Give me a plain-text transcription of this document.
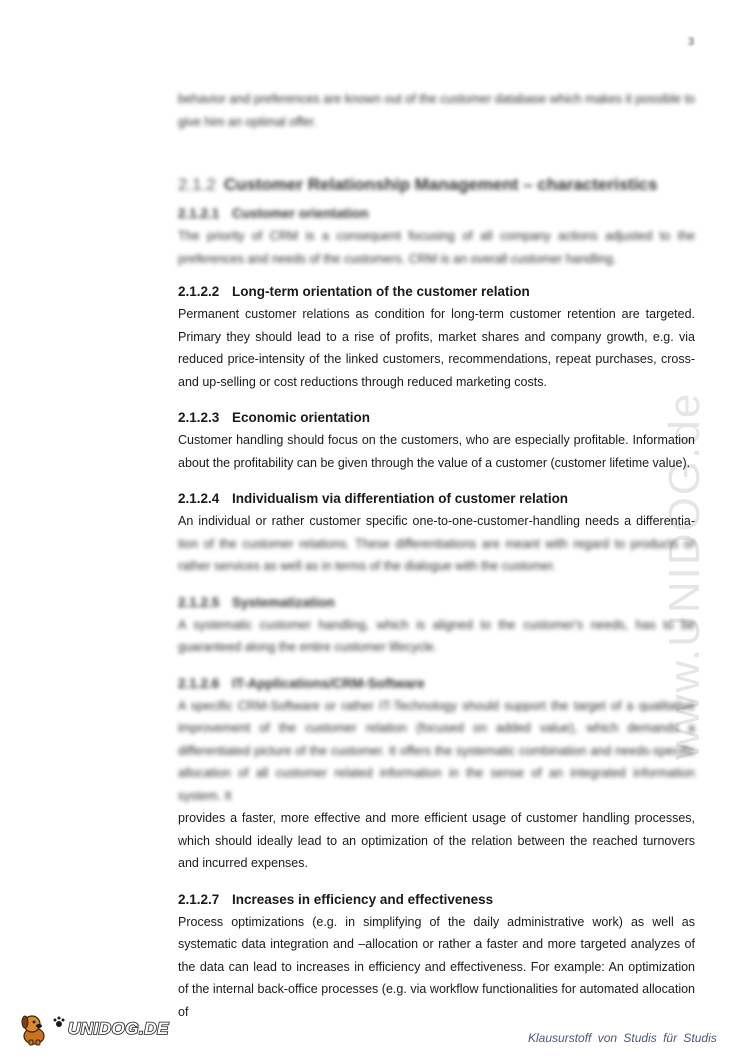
3
www.UNIDOG.de

behavior and preferences are known out of the customer database which makes it possible to give him an optimal offer.

2.1.2 Customer Relationship Management – characteristics
2.1.2.1 Customer orientation

The priority of CRM is a consequent focusing of all company actions adjusted to the preferences and needs of the customers. CRM is an overall customer handling.

2.1.2.2 Long-term orientation of the customer relation

Permanent customer relations as condition for long-term customer retention are targeted. Primary they should lead to a rise of profits, market shares and company growth, e.g. via reduced price-intensity of the linked customers, recommendations, repeat purchases, cross- and up-selling or cost reductions through reduced marketing costs.

2.1.2.3 Economic orientation

Customer handling should focus on the customers, who are especially profitable. Information about the profitability can be given through the value of a customer (customer lifetime value).

2.1.2.4 Individualism via differentiation of customer relation

An individual or rather customer specific one-to-one-customer-handling needs a differentia-

tion of the customer relations. These differentiations are meant with regard to products or rather services as well as in terms of the dialogue with the customer.

2.1.2.5 Systematization

A systematic customer handling, which is aligned to the customer's needs, has to be guaranteed along the entire customer lifecycle.

2.1.2.6 IT-Applications/CRM-Software

A specific CRM-Software or rather IT-Technology should support the target of a qualitative improvement of the customer relation (focused on added value), which demands a differentiated picture of the customer. It offers the systematic combination and needs-specific allocation of all customer related information in the sense of an integrated information system. It

provides a faster, more effective and more efficient usage of customer handling processes, which should ideally lead to an optimization of the relation between the reached turnovers and incurred expenses.

2.1.2.7 Increases in efficiency and effectiveness

Process optimizations (e.g. in simplifying of the daily administrative work) as well as systematic data integration and –allocation or rather a faster and more targeted analyzes of the data can lead to increases in efficiency and effectiveness. For example: An optimization of the internal back-office processes (e.g. via workflow functionalities for automated allocation of

UNIDOG.DE	Klausurstoff von Studis für Studis
